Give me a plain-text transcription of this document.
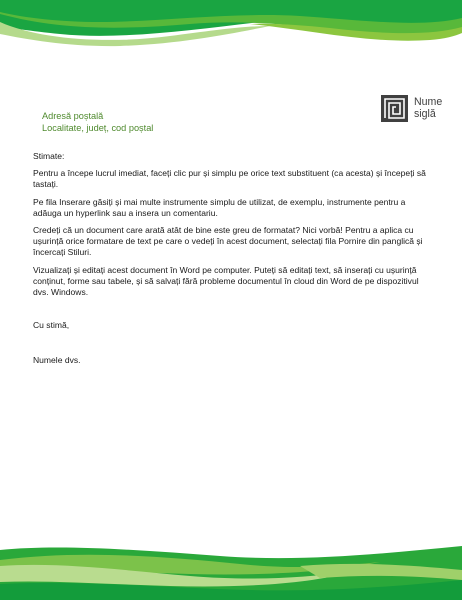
Adresă poștală
Localitate, județ, cod poștal
Nume
siglă

Stimate:

Pentru a începe lucrul imediat, faceți clic pur și simplu pe orice text substituent (ca acesta) și începeți să tastați.

Pe fila Inserare găsiți și mai multe instrumente simplu de utilizat, de exemplu, instrumente pentru a adăuga un hyperlink sau a insera un comentariu.

Credeți că un document care arată atât de bine este greu de formatat? Nici vorbă! Pentru a aplica cu ușurință orice formatare de text pe care o vedeți în acest document, selectați fila Pornire din panglică și încercați Stiluri.

Vizualizați și editați acest document în Word pe computer. Puteți să editați text, să inserați cu ușurință conținut, forme sau tabele, și să salvați fără probleme documentul în cloud din Word de pe dispozitivul dvs. Windows.

Cu stimă,

Numele dvs.
